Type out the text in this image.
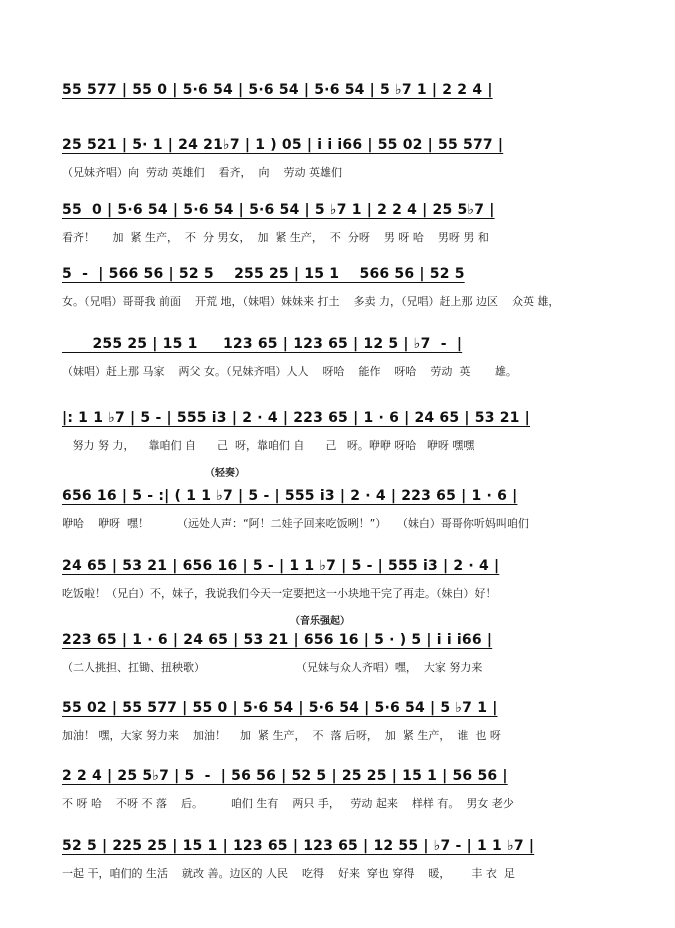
55 577 | 55 0 | 5·6 54 | 5·6 54 | 5·6 54 | 5 ♭7 1 | 2 2 4 |

25 521 | 5· 1 | 24 21♭7 | 1 ) 05 | i i i66 | 55 02 | 55 577 |

（兄妹齐唱）向  劳动 英雄们    看齐，  向    劳动 英雄们

55  0 | 5·6 54 | 5·6 54 | 5·6 54 | 5 ♭7 1 | 2 2 4 | 25 5♭7 |

看齐！     加  紧 生产，  不  分 男女，  加  紧 生产，  不  分呀    男 呀 哈    男呀 男 和

5  -  | 566 56 | 52 5    255 25 | 15 1    566 56 | 52 5

女。（兄唱）哥哥我 前面    开荒 地，（妹唱）妹妹来 打土    多卖 力，（兄唱）赶上那 边区    众英 雄，

255 25 | 15 1     123 65 | 123 65 | 12 5 | ♭7  -  |

（妹唱）赶上那 马家    两父 女。（兄妹齐唱）人人    呀哈    能作    呀哈    劳动  英       雄。

|: 1 1 ♭7 | 5 - | 555 i3 | 2 · 4 | 223 65 | 1 · 6 | 24 65 | 53 21 |

努力 努 力，    靠咱们 自      己  呀，靠咱们 自      己   呀。咿咿 呀哈   咿呀 嘿嘿

（轻奏）

656 16 | 5 - :| ( 1 1 ♭7 | 5 - | 555 i3 | 2 · 4 | 223 65 | 1 · 6 |

咿哈    咿呀  嘿！        （远处人声：“阿！二娃子回来吃饭咧！”）   （妹白）哥哥你听妈叫咱们

24 65 | 53 21 | 656 16 | 5 - | 1 1 ♭7 | 5 - | 555 i3 | 2 · 4 |

吃饭啦！（兄白）不，妹子，我说我们今天一定要把这一小块地干完了再走。（妹白）好！

（音乐强起）

223 65 | 1 · 6 | 24 65 | 53 21 | 656 16 | 5 · ) 5 | i i i66 |

（二人挑担、扛锄、扭秧歌）                          （兄妹与众人齐唱）嘿，  大家 努力来

55 02 | 55 577 | 55 0 | 5·6 54 | 5·6 54 | 5·6 54 | 5 ♭7 1 |

加油！ 嘿，大家 努力来    加油！    加  紧 生产，  不  落 后呀，  加  紧 生产，  谁  也 呀

2 2 4 | 25 5♭7 | 5  -  | 56 56 | 52 5 | 25 25 | 15 1 | 56 56 |

不 呀 哈    不呀 不 落    后。        咱们 生有    两只 手，   劳动 起来    样样 有。  男女 老少

52 5 | 225 25 | 15 1 | 123 65 | 123 65 | 12 55 | ♭7 - | 1 1 ♭7 |

一起 干，咱们的 生活    就改 善。边区的 人民    吃得    好来  穿也 穿得    暖，      丰 衣  足
